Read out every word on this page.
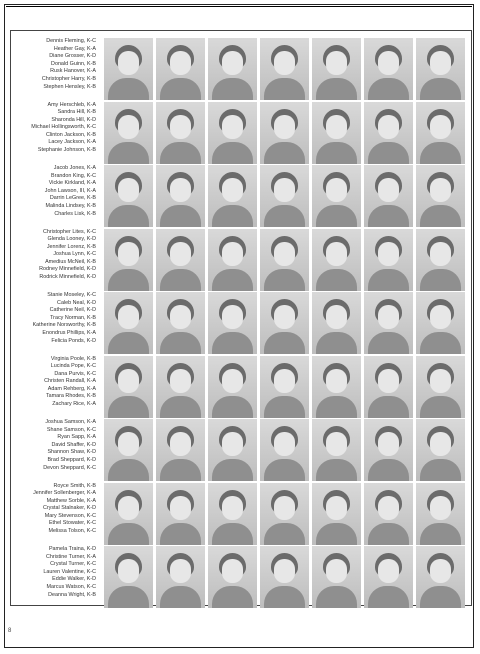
Dennis Fleming, K-C
Heather Gay, K-A
Diane Grosser, K-D
Donald Guinn, K-B
Rusk Hanover, K-A
Christopher Harry, K-B
Stephen Hensley, K-B
Amy Herschleb, K-A
Sandra Hill, K-B
Sharonda Hill, K-D
Michael Hollingsworth, K-C
Clinton Jackson, K-B
Lacey Jackson, K-A
Stephanie Johnson, K-B
Jacob Jones, K-A
Brandon King, K-C
Vickie Kirkland, K-A
John Lawson, III, K-A
Darrin LeGree, K-B
Malinda Lindsey, K-B
Charles Lisk, K-B
Christopher Lites, K-C
Glenda Looney, K-D
Jennifer Lorenz, K-B
Joshua Lynn, K-C
Amedius McNeil, K-B
Rodney Minnefield, K-D
Rodrick Minnefield, K-D
Stanie Moseley, K-C
Caleb Neal, K-D
Catherine Neil, K-D
Tracy Norman, K-B
Katherine Norsworthy, K-B
Enondrus Phillips, K-A
Felicia Ponds, K-D
Virginia Poole, K-B
Lucinda Pope, K-C
Dana Purvis, K-C
Christen Randall, K-A
Adam Rehberg, K-A
Tamara Rhodes, K-B
Zachary Rice, K-A
Joshua Samson, K-A
Shane Samson, K-C
Ryan Sapp, K-A
David Shaffer, K-D
Shannon Shaw, K-D
Brad Sheppard, K-D
Devon Sheppard, K-C
Royce Smith, K-B
Jennifer Sollenberger, K-A
Matthew Sorble, K-A
Crystal Stalnaker, K-D
Mary Stevenson, K-C
Ethel Stowater, K-C
Melissa Tolson, K-C
Pamela Traina, K-D
Christine Turner, K-A
Crystal Turner, K-C
Lauren Valentine, K-C
Eddie Walker, K-D
Marcus Watson, K-C
Deanna Wright, K-B
8
